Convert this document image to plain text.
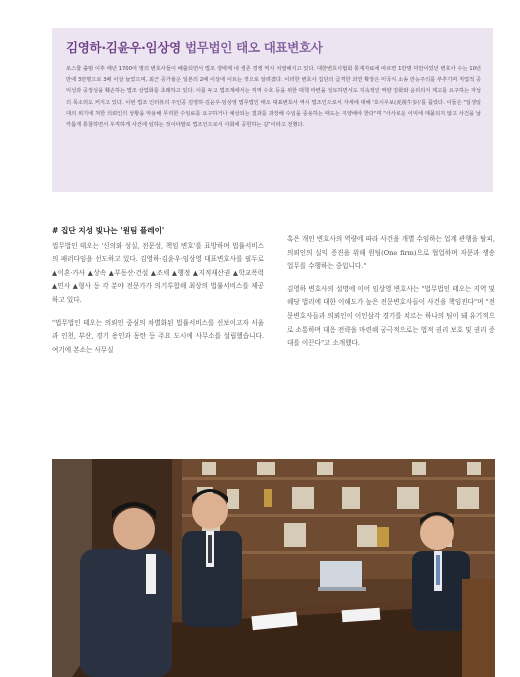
김영하·김윤우·임상영 법무법인 태오 대표변호사
로스쿨 출범 이후 매년 1700여 명의 변호사들이 배출되면서 법조 생태계 내 생존 경쟁 역시 치열해지고 있다. 대한변호사협회 통계자료에 따르면 1만명 미만이었던 변호사 수는 10년 만에 3만명으로 3배 이상 늘었으며, 최근 증가율은 일본의 2배 이상에 이르는 것으로 알려졌다. 이러한 변호사 집단의 급격한 외연 확장은 미국식 소송 만능주의를 부추기며 직업적 공익성과 공정성을 훼손하는 법조 상업화를 초래하고 있다. 이를 두고 법조계에서는 직역 수호 등을 위한 대책 마련을 성토하면서도 지속적인 역량 강화와 윤리의식 제고를 요구하는 자성의 목소리도 커지고 있다. 이번 법조 인터뷰의 주인공 김영하·김윤우·임상영 법무법인 태오 대표변호사 역시 법조인으로서 자세에 대해 '호시우보(虎視牛步)'를 꼽았다. 이들은 "일생일대의 위기에 처한 의뢰인의 상황을 악용해 무리한 수임료를 요구하거나 예상되는 결과를 과장해 수임을 종용하는 태도는 지양해야 한다"며 "사사로운 이익에 매몰되지 않고 사건을 날카롭게 통찰하면서 우직하게 사건에 임하는 것이야말로 법조인으로서 사회에 공헌하는 길"이라고 전했다.
# 집단 지성 빛나는 '원팀 플레이'

법무법인 태오는 '신의와 성실, 전문성, 책임 변호'를 표방하며 법률서비스의 패러다임을 선도하고 있다. 김영하·김윤우·임상영 대표변호사를 필두로 ▲이혼·가사 ▲상속 ▲부동산·건설 ▲조세 ▲행정 ▲지적재산권 ▲학교폭력 ▲민사 ▲형사 등 각 분야 전문가가 의기투합해 최상의 법률서비스를 제공하고 있다.

"법무법인 태오는 의뢰인 중심의 차별화된 법률서비스를 선보이고자 서울과 인천, 부산, 경기 용인과 동탄 등 주요 도시에 사무소를 설립했습니다. 여기에 본소는 사무실

혹은 개인 변호사의 역량에 따라 사건을 개별 수임하는 업계 관행을 탈피, 의뢰인의 실익 증진을 위해 원팀(One firm)으로 협업하며 자문과 쟁송 업무를 수행하는 중입니다."

김영하 변호사의 설명에 이어 임상영 변호사는 "법무법인 태오는 지역 및 해당 법리에 대한 이해도가 높은 전문변호사들이 사건을 책임진다"며 "전문변호사들과 의뢰인이 이인삼각 경기를 치르는 하나의 팀이 돼 유기적으로 소통하며 대응 전략을 마련해 궁극적으로는 법적 권리 보호 및 권리 증대를 이끈다"고 소개했다.
